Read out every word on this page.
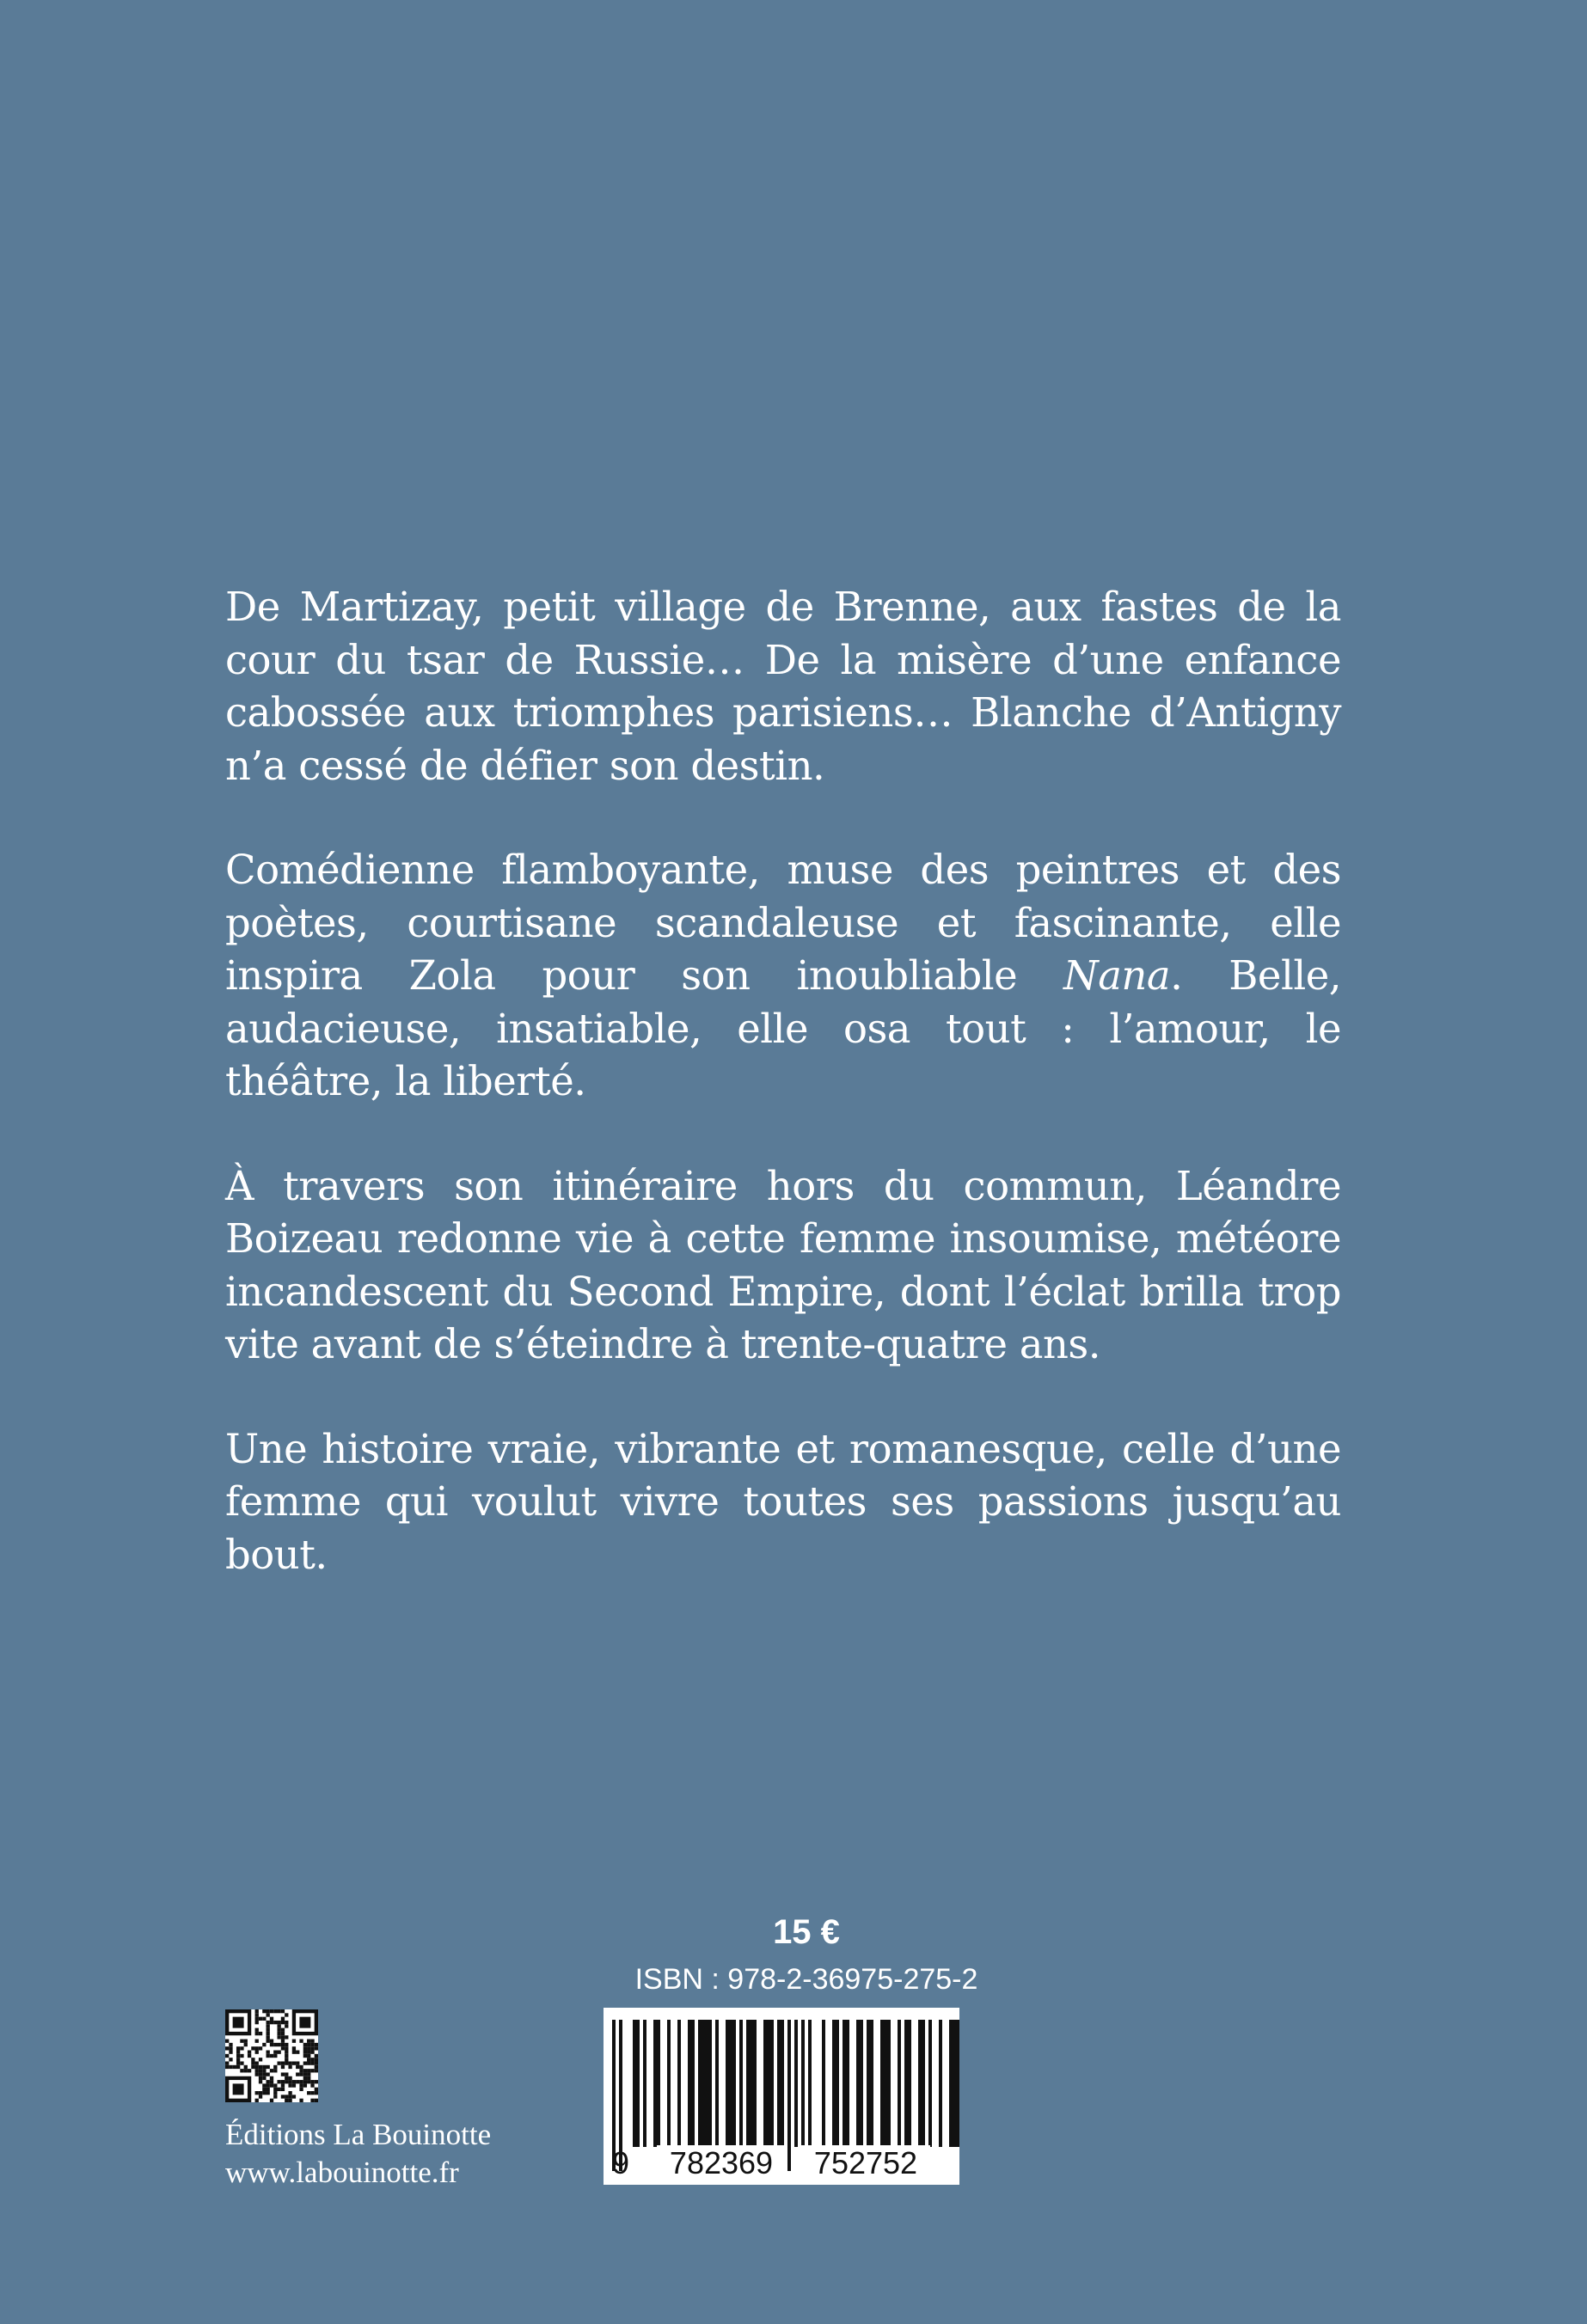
De Martizay, petit village de Brenne, aux fastes de la cour du tsar de Russie… De la misère d’une enfance cabossée aux triomphes parisiens… Blanche d’Antigny n’a cessé de défier son destin.

Comédienne flamboyante, muse des peintres et des poètes, courtisane scandaleuse et fascinante, elle inspira Zola pour son inoubliable Nana. Belle, audacieuse, insatiable, elle osa tout : l’amour, le théâtre, la liberté.

À travers son itinéraire hors du commun, Léandre Boizeau redonne vie à cette femme insoumise, météore incandescent du Second Empire, dont l’éclat brilla trop vite avant de s’éteindre à trente-quatre ans.

Une histoire vraie, vibrante et romanesque, celle d’une femme qui voulut vivre toutes ses passions jusqu’au bout.

15 €
ISBN : 978-2-36975-275-2
9	782369	752752
Éditions La Bouinotte
www.labouinotte.fr
